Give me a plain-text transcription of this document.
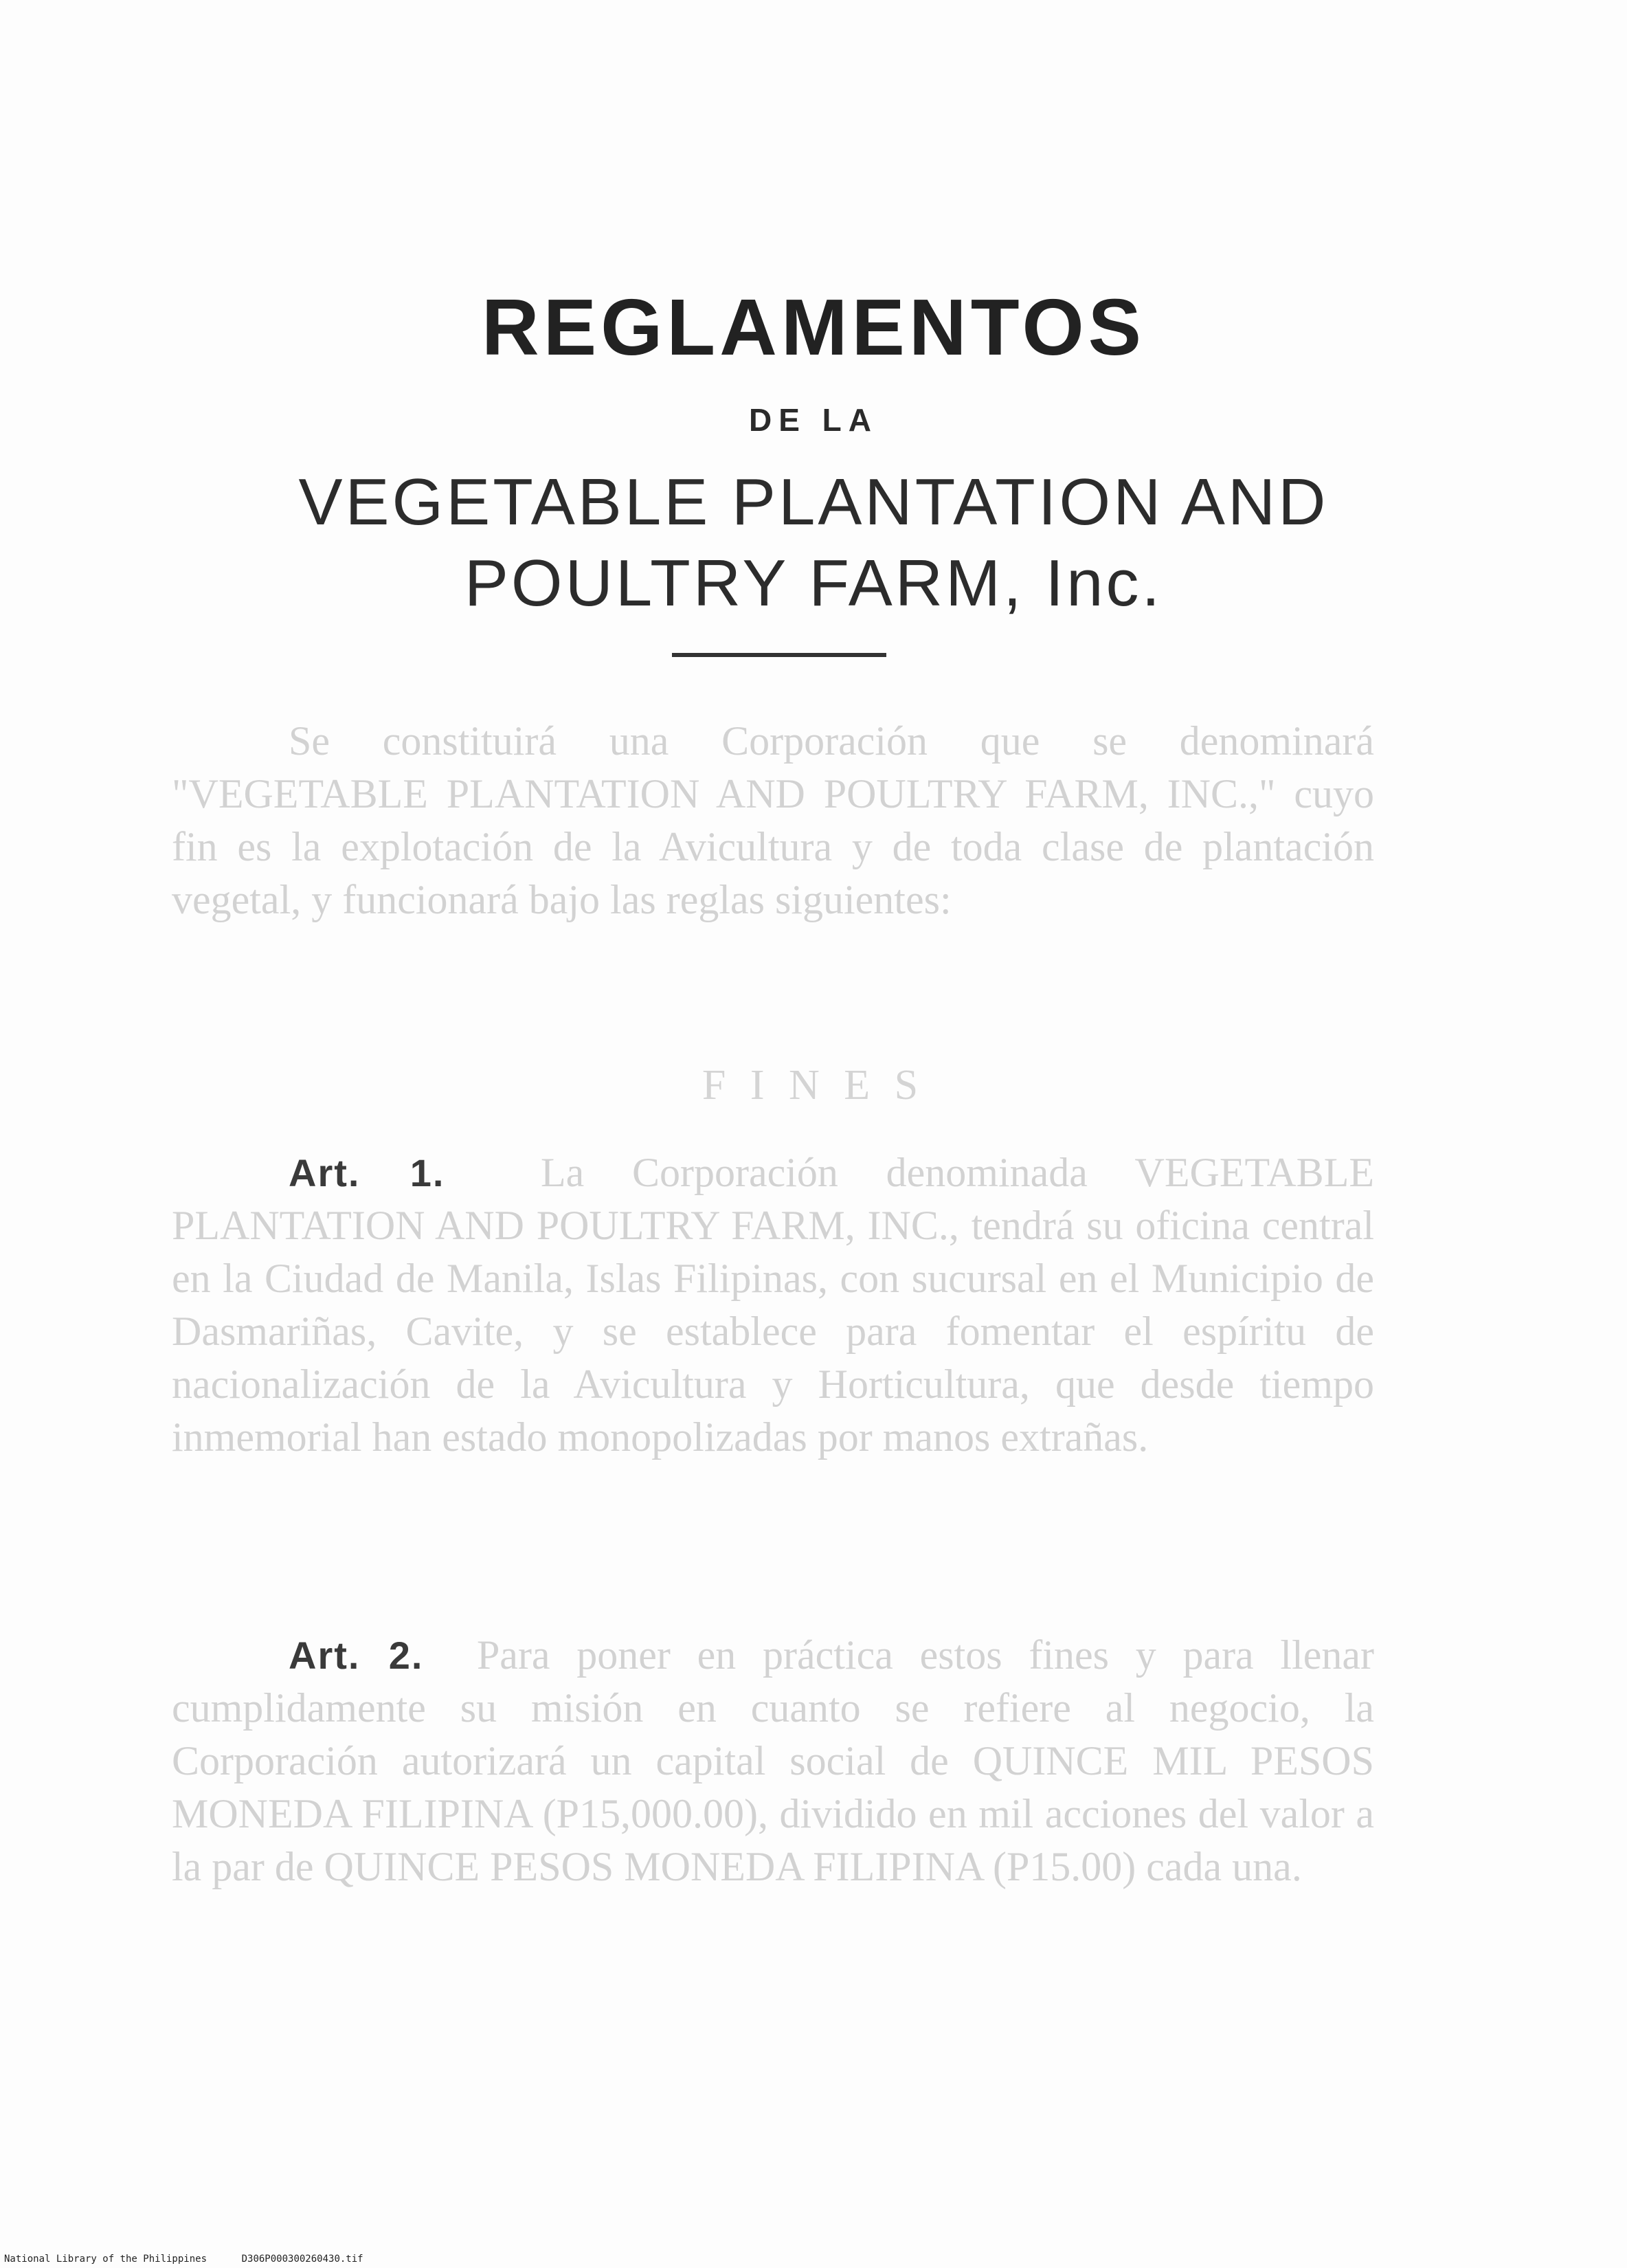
REGLAMENTOS
DE LA
VEGETABLE PLANTATION AND
POULTRY FARM, Inc.

Se constituirá una Corporación que se denominará "VEGETABLE PLANTATION AND POULTRY FARM, INC.," cuyo fin es la explotación de la Avicultura y de toda clase de plantación vegetal, y funcionará bajo las reglas siguientes:

F I N E S

Art. 1. La Corporación denominada VEGETABLE PLANTATION AND POULTRY FARM, INC., tendrá su oficina central en la Ciudad de Manila, Islas Filipinas, con sucursal en el Municipio de Dasmariñas, Cavite, y se establece para fomentar el espíritu de nacionalización de la Avicultura y Horticultura, que desde tiempo inmemorial han estado monopolizadas por manos extrañas.

Art. 2. Para poner en práctica estos fines y para llenar cumplidamente su misión en cuanto se refiere al negocio, la Corporación autorizará un capital social de QUINCE MIL PESOS MONEDA FILIPINA (P15,000.00), dividido en mil acciones del valor a la par de QUINCE PESOS MONEDA FILIPINA (P15.00) cada una.

National Library of the Philippines	D306P000300260430.tif
